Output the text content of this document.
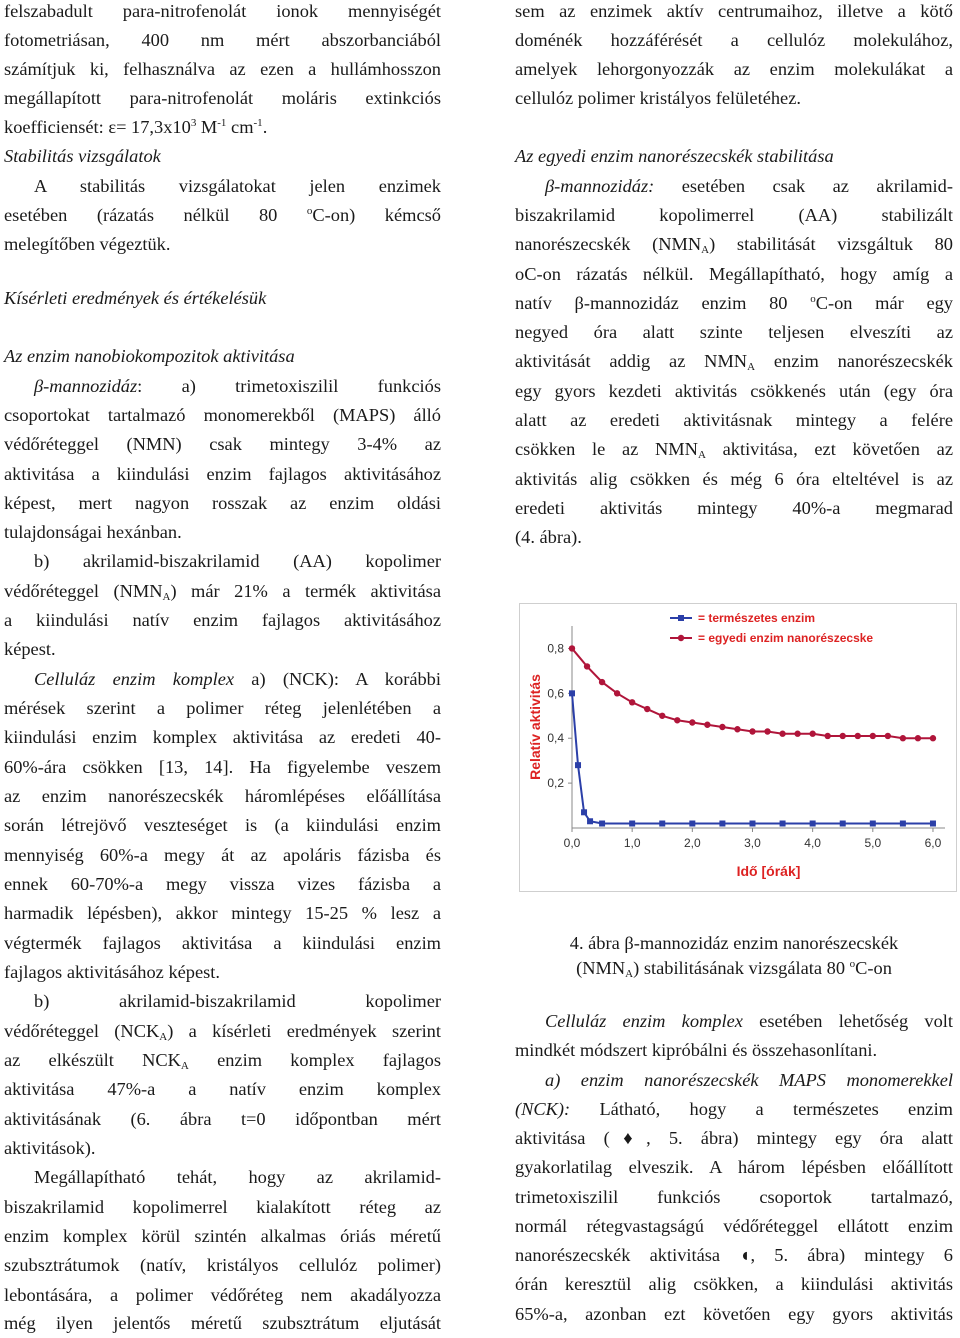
felszabadult para-nitrofenolát ionok mennyiségét
fotometriásan, 400 nm mért abszorbanciából
számítjuk ki, felhasználva az ezen a hullámhosszon
megállapított para-nitrofenolát moláris extinkciós
koefficiensét: $\varepsilon= 17,3x10^3$ $M^{-1}$ $cm^{-1}$.
Stabilitás vizsgálatok
A stabilitás vizsgálatokat jelen enzimek
esetében (rázatás nélkül 80 $^o$C-on) kémcső
melegítőben végeztük.
Kísérleti eredmények és értékelésük
Az enzim nanobiokompozitok aktivitása
β-mannozidáz: a) trimetoxiszilil funkciós
csoportokat tartalmazó monomerekből (MAPS) álló
védőréteggel (NMN) csak mintegy 3-4% az
aktivitása a kiindulási enzim fajlagos aktivitásához
képest, mert nagyon rosszak az enzim oldási
tulajdonságai hexánban.
b) akrilamid-biszakrilamid (AA) kopolimer
védőréteggel $(NMN_A)$ már 21% a termék aktivitása
a kiindulási natív enzim fajlagos aktivitásához
képest.
Celluláz enzim komplex a) (NCK): A korábbi
mérések szerint a polimer réteg jelenlétében a
kiindulási enzim komplex aktivitása az eredeti 40-
60%-ára csökken [13, 14]. Ha figyelembe veszem
az enzim nanorészecskék háromlépéses előállítása
során létrejövő veszteséget is (a kiindulási enzim
mennyiség 60%-a megy át az apoláris fázisba és
ennek 60-70%-a megy vissza vizes fázisba a
harmadik lépésben), akkor mintegy 15-25 % lesz a
végtermék fajlagos aktivitása a kiindulási enzim
fajlagos aktivitásához képest.
b) akrilamid-biszakrilamid kopolimer
védőréteggel $(NCK_A)$ a kísérleti eredmények szerint
az elkészült $NCK_A$ enzim komplex fajlagos
aktivitása 47%-a a natív enzim komplex
aktivitásának (6. ábra t=0 időpontban mért
aktivitások).
Megállapítható tehát, hogy az akrilamid-
biszakrilamid kopolimerrel kialakított réteg az
enzim komplex körül szintén alkalmas óriás méretű
szubsztrátumok (natív, kristályos cellulóz polimer)
lebontására, a polimer védőréteg nem akadályozza
még ilyen jelentős méretű szubsztrátum eljutását
sem az enzimek aktív centrumaihoz, illetve a kötő
doménék hozzáférését a cellulóz molekulához,
amelyek lehorgonyozzák az enzim molekulákat a
cellulóz polimer kristályos felületéhez.
Az egyedi enzim nanorészecskék stabilitása
β-mannozidáz: esetében csak az akrilamid-
biszakrilamid kopolimerrel (AA) stabilizált
nanorészecskék $(NMN_A)$ stabilitását vizsgáltuk 80
oC-on rázatás nélkül. Megállapítható, hogy amíg a
natív β-mannozidáz enzim 80 $^o$C-on már egy
negyed óra alatt szinte teljesen elveszíti az
aktivitását addig az $NMN_A$ enzim nanorészecskék
egy gyors kezdeti aktivitás csökkenés után (egy óra
alatt az eredeti aktivitásnak mintegy a felére
csökken le az $NMN_A$ aktivitása, ezt követően az
aktivitás alig csökken és még 6 óra elteltével is az
eredeti aktivitás mintegy 40%-a megmarad
(4. ábra).
4. ábra β-mannozidáz enzim nanorészecskék
$(NMN_A)$ stabilitásának vizsgálata 80 $^o$C-on
Celluláz enzim komplex esetében lehetőség volt
mindkét módszert kipróbálni és összehasonlítani.
a) enzim nanorészecskék MAPS monomerekkel
(NCK): Látható, hogy a természetes enzim
aktivitása (♦, 5. ábra) mintegy egy óra alatt
gyakorlatilag elveszik. A három lépésben előállított
trimetoxiszilil funkciós csoportok tartalmazó,
normál rétegvastagságú védőréteggel ellátott enzim
nanorészecskék aktivitása ◖, 5. ábra) mintegy 6
órán keresztül alig csökken, a kiindulási aktivitás
65%-a, azonban ezt követően egy gyors aktivitás
0,0	1,0	2,0	3,0	4,0	5,0	6,0
0,2
0,4
0,6
0,8
Idő [órák]
Relatív aktivitás
= természetes enzim
= egyedi enzim nanorészecske
